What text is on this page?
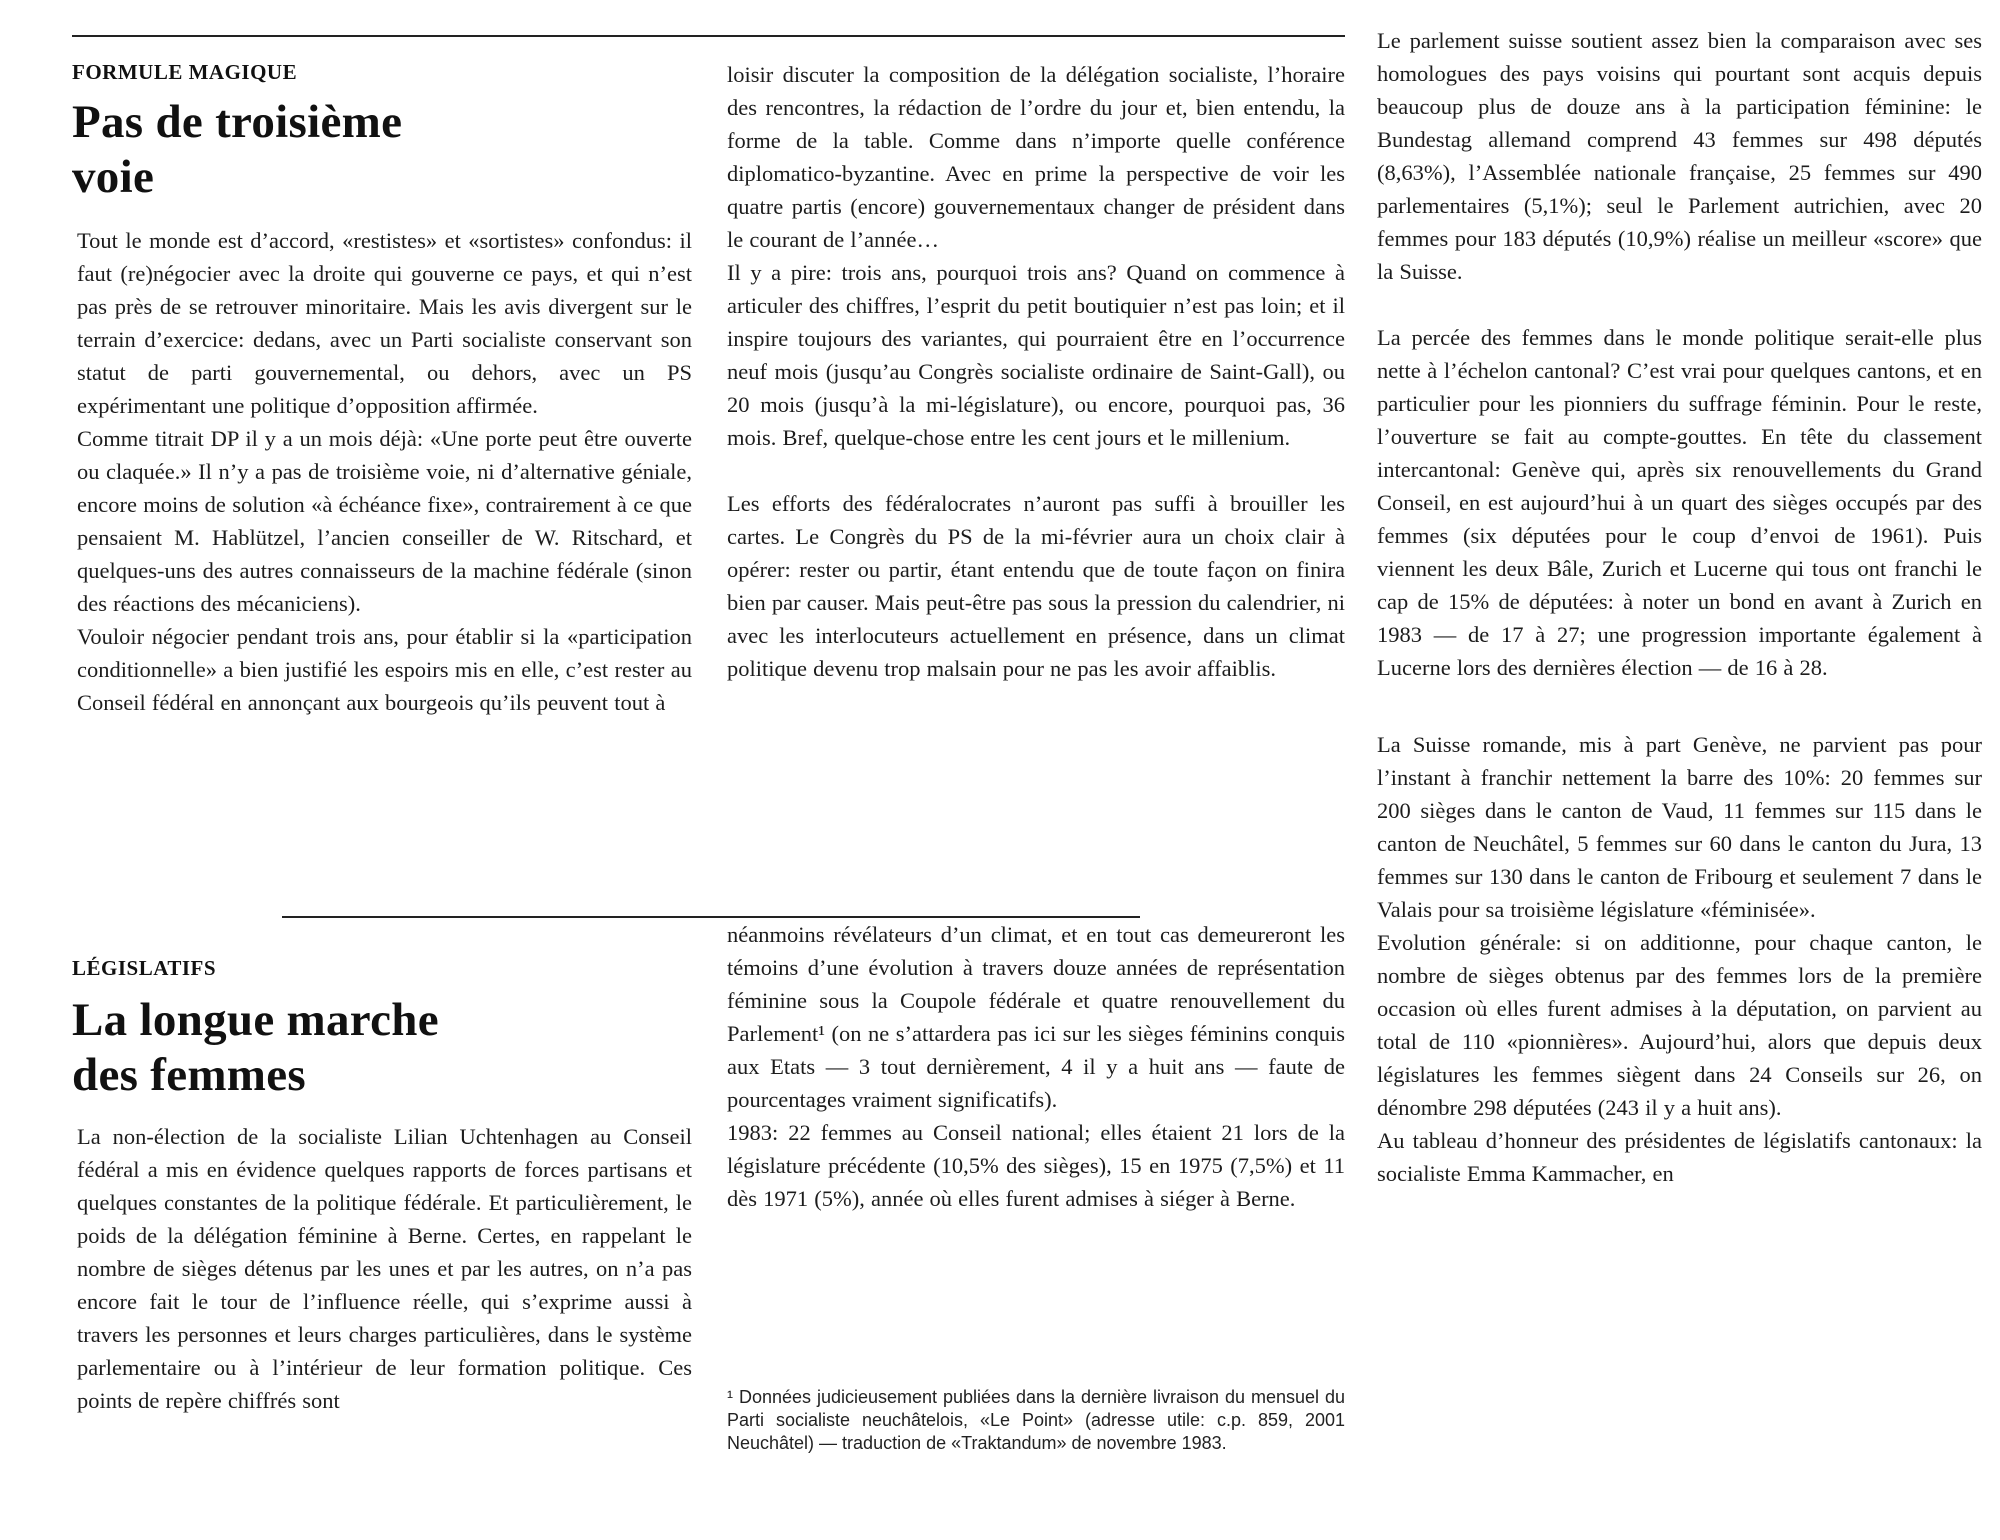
FORMULE MAGIQUE

Pas de troisième
voie

Tout le monde est d’accord, «restistes» et «sortistes» confondus: il faut (re)négocier avec la droite qui gouverne ce pays, et qui n’est pas près de se retrouver minoritaire. Mais les avis divergent sur le terrain d’exercice: dedans, avec un Parti socialiste conservant son statut de parti gouvernemental, ou dehors, avec un PS expérimentant une politique d’opposition affirmée.

Comme titrait DP il y a un mois déjà: «Une porte peut être ouverte ou claquée.» Il n’y a pas de troisième voie, ni d’alternative géniale, encore moins de solution «à échéance fixe», contrairement à ce que pensaient M. Hablützel, l’ancien conseiller de W. Ritschard, et quelques-uns des autres connaisseurs de la machine fédérale (sinon des réactions des mécaniciens).

Vouloir négocier pendant trois ans, pour établir si la «participation conditionnelle» a bien justifié les espoirs mis en elle, c’est rester au Conseil fédéral en annonçant aux bourgeois qu’ils peuvent tout à

loisir discuter la composition de la délégation socialiste, l’horaire des rencontres, la rédaction de l’ordre du jour et, bien entendu, la forme de la table. Comme dans n’importe quelle conférence diplomatico-byzantine. Avec en prime la perspective de voir les quatre partis (encore) gouvernementaux changer de président dans le courant de l’année…

Il y a pire: trois ans, pourquoi trois ans? Quand on commence à articuler des chiffres, l’esprit du petit boutiquier n’est pas loin; et il inspire toujours des variantes, qui pourraient être en l’occurrence neuf mois (jusqu’au Congrès socialiste ordinaire de Saint-Gall), ou 20 mois (jusqu’à la mi-législature), ou encore, pourquoi pas, 36 mois. Bref, quelque-chose entre les cent jours et le millenium.

Les efforts des fédéralocrates n’auront pas suffi à brouiller les cartes. Le Congrès du PS de la mi-février aura un choix clair à opérer: rester ou partir, étant entendu que de toute façon on finira bien par causer. Mais peut-être pas sous la pression du calendrier, ni avec les interlocuteurs actuellement en présence, dans un climat politique devenu trop malsain pour ne pas les avoir affaiblis.

LÉGISLATIFS

La longue marche
des femmes

La non-élection de la socialiste Lilian Uchtenhagen au Conseil fédéral a mis en évidence quelques rapports de forces partisans et quelques constantes de la politique fédérale. Et particulièrement, le poids de la délégation féminine à Berne. Certes, en rappelant le nombre de sièges détenus par les unes et par les autres, on n’a pas encore fait le tour de l’influence réelle, qui s’exprime aussi à travers les personnes et leurs charges particulières, dans le système parlementaire ou à l’intérieur de leur formation politique. Ces points de repère chiffrés sont

néanmoins révélateurs d’un climat, et en tout cas demeureront les témoins d’une évolution à travers douze années de représentation féminine sous la Coupole fédérale et quatre renouvellement du Parlement¹ (on ne s’attardera pas ici sur les sièges féminins conquis aux Etats — 3 tout dernièrement, 4 il y a huit ans — faute de pourcentages vraiment significatifs).

1983: 22 femmes au Conseil national; elles étaient 21 lors de la législature précédente (10,5% des sièges), 15 en 1975 (7,5%) et 11 dès 1971 (5%), année où elles furent admises à siéger à Berne.

¹ Données judicieusement publiées dans la dernière livraison du mensuel du Parti socialiste neuchâtelois, «Le Point» (adresse utile: c.p. 859, 2001 Neuchâtel) — traduction de «Traktandum» de novembre 1983.

Le parlement suisse soutient assez bien la comparaison avec ses homologues des pays voisins qui pourtant sont acquis depuis beaucoup plus de douze ans à la participation féminine: le Bundestag allemand comprend 43 femmes sur 498 députés (8,63%), l’Assemblée nationale française, 25 femmes sur 490 parlementaires (5,1%); seul le Parlement autrichien, avec 20 femmes pour 183 députés (10,9%) réalise un meilleur «score» que la Suisse.

La percée des femmes dans le monde politique serait-elle plus nette à l’échelon cantonal? C’est vrai pour quelques cantons, et en particulier pour les pionniers du suffrage féminin. Pour le reste, l’ouverture se fait au compte-gouttes. En tête du classement intercantonal: Genève qui, après six renouvellements du Grand Conseil, en est aujourd’hui à un quart des sièges occupés par des femmes (six députées pour le coup d’envoi de 1961). Puis viennent les deux Bâle, Zurich et Lucerne qui tous ont franchi le cap de 15% de députées: à noter un bond en avant à Zurich en 1983 — de 17 à 27; une progression importante également à Lucerne lors des dernières élection — de 16 à 28.

La Suisse romande, mis à part Genève, ne parvient pas pour l’instant à franchir nettement la barre des 10%: 20 femmes sur 200 sièges dans le canton de Vaud, 11 femmes sur 115 dans le canton de Neuchâtel, 5 femmes sur 60 dans le canton du Jura, 13 femmes sur 130 dans le canton de Fribourg et seulement 7 dans le Valais pour sa troisième législature «féminisée».

Evolution générale: si on additionne, pour chaque canton, le nombre de sièges obtenus par des femmes lors de la première occasion où elles furent admises à la députation, on parvient au total de 110 «pionnières». Aujourd’hui, alors que depuis deux législatures les femmes siègent dans 24 Conseils sur 26, on dénombre 298 députées (243 il y a huit ans).

Au tableau d’honneur des présidentes de législatifs cantonaux: la socialiste Emma Kammacher, en
